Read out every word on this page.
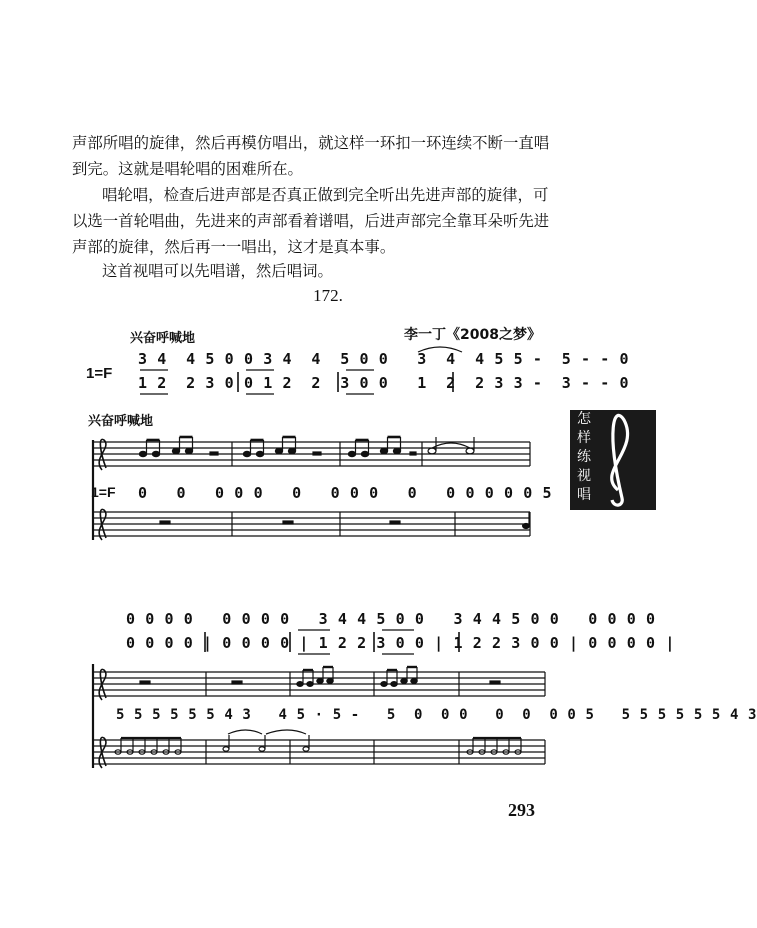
声部所唱的旋律，然后再模仿唱出，就这样一环扣一环连续不断一直唱到完。这就是唱轮唱的困难所在。

唱轮唱，检查后进声部是否真正做到完全听出先进声部的旋律，可以选一首轮唱曲，先进来的声部看着谱唱，后进声部完全靠耳朵听先进声部的旋律，然后再一一唱出，这才是真本事。

这首视唱可以先唱谱，然后唱词。

172.
兴奋呼喊地	李一丁《2008之梦》
1=F
3 4  4 5 0 0 3 4  4  5 0 0   3  4  4 5 5 -  5 - - 0
1 2  2 3 0 0 1 2  2  3 0 0   1  2  2 3 3 -  3 - - 0
兴奋呼喊地
1=F 0   0   0 0 0   0   0 0 0   0   0 0 0 0 0 5
0 0 0 0   0 0 0 0   3 4 4 5 0 0   3 4 4 5 0 0   0 0 0 0
0 0 0 0 | 0 0 0 0 | 1 2 2 3 0 0 | 1 2 2 3 0 0 | 0 0 0 0 |
5 5 5 5 5 5 4 3   4 5 · 5 -   5  0  0 0   0  0  0 0 5   5 5 5 5 5 5 4 3
怎
样
练
视
唱
293
